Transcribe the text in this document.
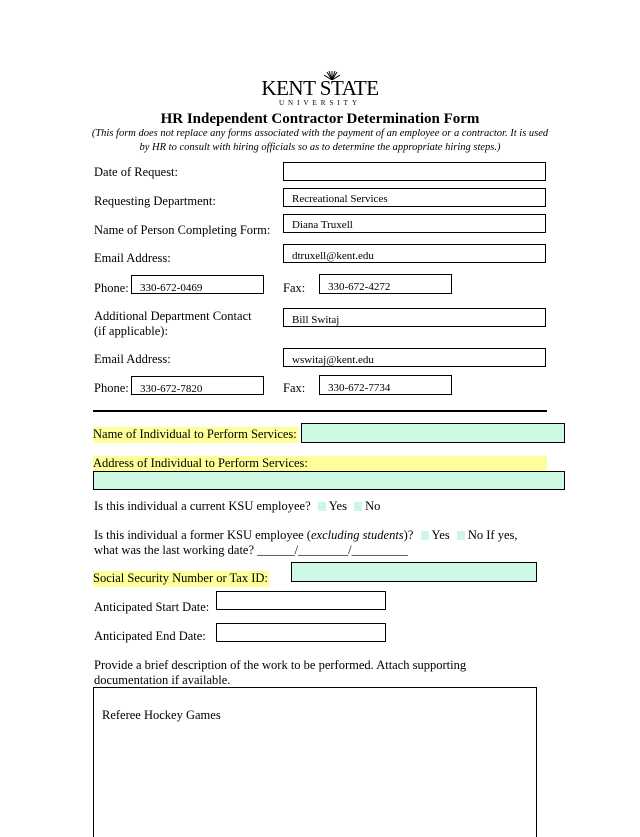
KENT STATE
UNIVERSITY
HR Independent Contractor Determination Form
(This form does not replace any forms associated with the payment of an employee or a contractor. It is used by HR to consult with hiring officials so as to determine the appropriate hiring steps.)
Date of Request:
Requesting Department:	Recreational Services
Name of Person Completing Form:	Diana Truxell
Email Address:	dtruxell@kent.edu
Phone:	330-672-0469	Fax:	330-672-4272
Additional Department Contact
(if applicable):
Bill Switaj
Email Address:	wswitaj@kent.edu
Phone:	330-672-7820	Fax:	330-672-7734
Name of Individual to Perform Services:
Address of Individual to Perform Services:
Is this individual a current KSU employee? Yes No
Is this individual a former KSU employee (excluding students)? Yes No If yes,
what was the last working date? ______/________/_________
Social Security Number or Tax ID:
Anticipated Start Date:
Anticipated End Date:
Provide a brief description of the work to be performed. Attach supporting
documentation if available.
Referee Hockey Games
